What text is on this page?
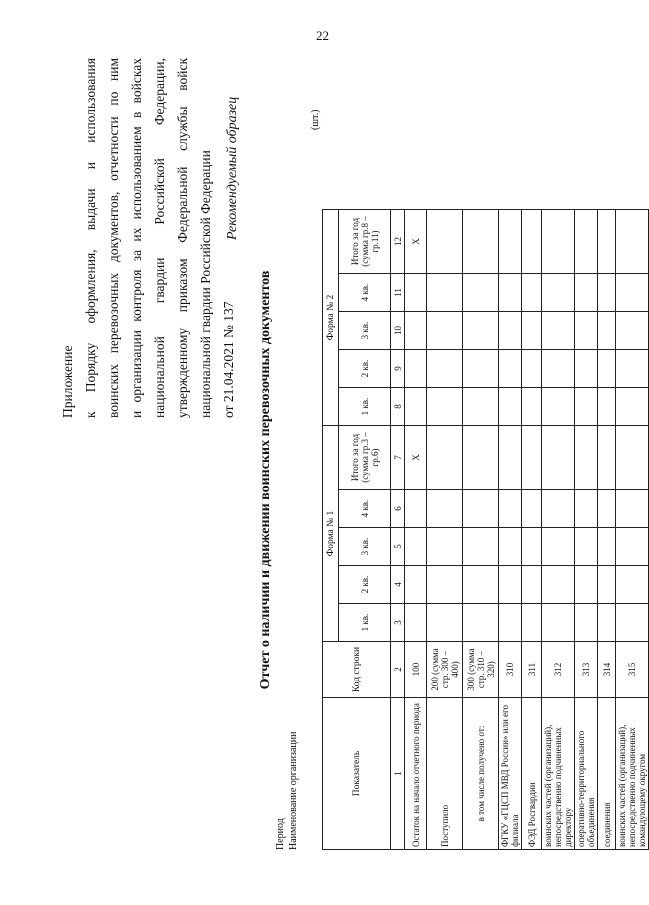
22
Приложение к Порядку оформления, выдачи и использования воинских перевозочных документов, отчетности по ним и организации контроля за их использованием в войсках национальной гвардии Российской Федерации, утвержденному приказом Федеральной службы войск национальной гвардии Российской Федерации от 21.04.2021 № 137
Рекомендуемый образец
Отчет о наличии и движении воинских перевозочных документов
Период Наименование организации
(шт.)
Показатель	Код строки	Форма № 1					Форма № 2				
		1 кв.	2 кв.	3 кв.	4 кв.	Итого за год (сумма гр.3 – гр.6)	1 кв.	2 кв.	3 кв.	4 кв.	Итого за год (сумма гр.8 – гр.11)
1	2	3	4	5	6	7	8	9	10	11	12
Остаток на начало отчетного периода	100					X					X
Поступило	200 (сумма стр. 300 – 400)										
в том числе получено от:	300 (сумма стр. 310 – 320)										
ФГКУ «ГЦСП МВД России» или его филиала	310										
ФЭД Росгвардии	311										
воинских частей (организаций), непосредственно подчиненных директору	312										
оперативно-территориального объединения	313										
соединения	314										
воинских частей (организаций), непосредственно подчиненных командующему округом	315										
